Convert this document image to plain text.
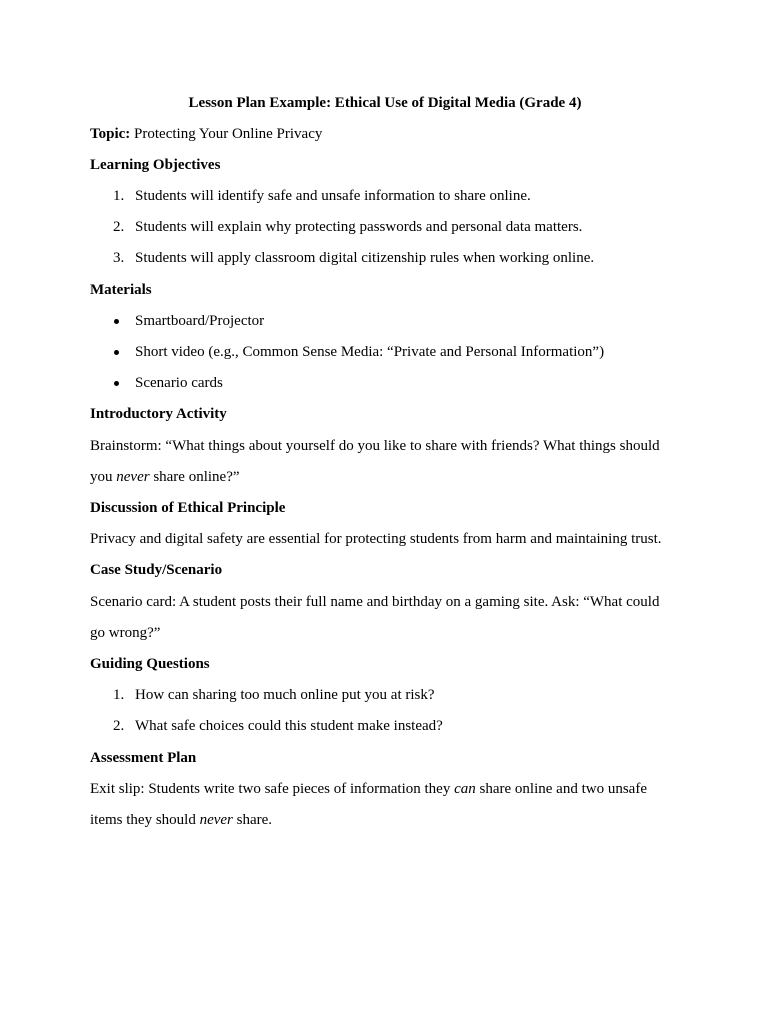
Lesson Plan Example: Ethical Use of Digital Media (Grade 4)
Topic: Protecting Your Online Privacy
Learning Objectives
1. Students will identify safe and unsafe information to share online.
2. Students will explain why protecting passwords and personal data matters.
3. Students will apply classroom digital citizenship rules when working online.
Materials
Smartboard/Projector
Short video (e.g., Common Sense Media: “Private and Personal Information”)
Scenario cards
Introductory Activity
Brainstorm: “What things about yourself do you like to share with friends? What things should
you never share online?”
Discussion of Ethical Principle
Privacy and digital safety are essential for protecting students from harm and maintaining trust.
Case Study/Scenario
Scenario card: A student posts their full name and birthday on a gaming site. Ask: “What could
go wrong?”
Guiding Questions
1. How can sharing too much online put you at risk?
2. What safe choices could this student make instead?
Assessment Plan
Exit slip: Students write two safe pieces of information they can share online and two unsafe
items they should never share.
